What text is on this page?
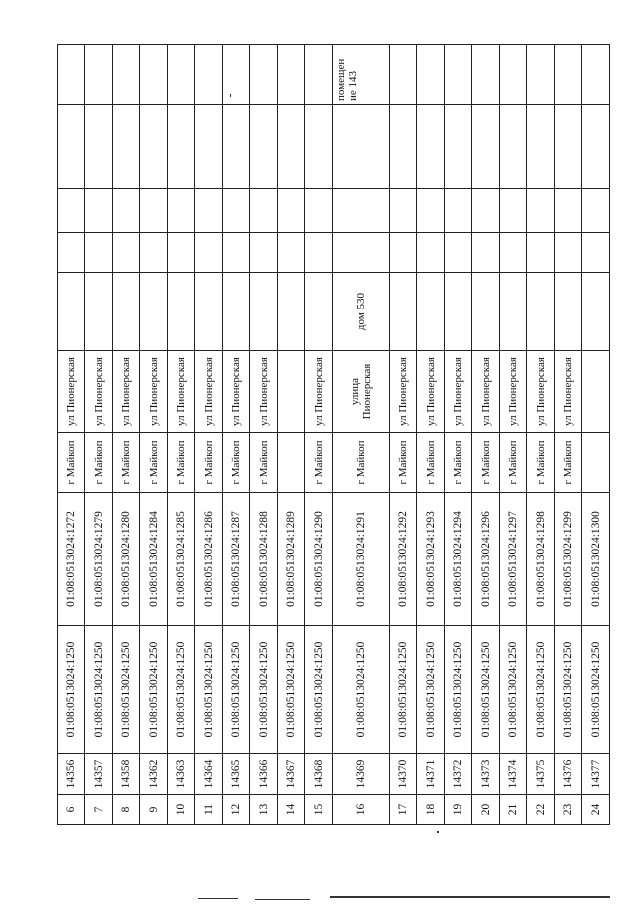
6	14356	01:08:0513024:1250	01:08:0513024:1272	г Майкоп	ул Пионерская					
7	14357	01:08:0513024:1250	01:08:0513024:1279	г Майкоп	ул Пионерская					
8	14358	01:08:0513024:1250	01:08:0513024:1280	г Майкоп	ул Пионерская					
9	14362	01:08:0513024:1250	01:08:0513024:1284	г Майкоп	ул Пионерская					
10	14363	01:08:0513024:1250	01:08:0513024:1285	г Майкоп	ул Пионерская					
11	14364	01:08:0513024:1250	01:08:0513024:1286	г Майкоп	ул Пионерская					
12	14365	01:08:0513024:1250	01:08:0513024:1287	г Майкоп	ул Пионерская					
13	14366	01:08:0513024:1250	01:08:0513024:1288	г Майкоп	ул Пионерская					
14	14367	01:08:0513024:1250	01:08:0513024:1289							
15	14368	01:08:0513024:1250	01:08:0513024:1290	г Майкоп	ул Пионерская					
16	14369	01:08:0513024:1250	01:08:0513024:1291	г Майкоп	улица Пионерская	дом 530				помещен ие 143
17	14370	01:08:0513024:1250	01:08:0513024:1292	г Майкоп	ул Пионерская					
18	14371	01:08:0513024:1250	01:08:0513024:1293	г Майкоп	ул Пионерская					
19	14372	01:08:0513024:1250	01:08:0513024:1294	г Майкоп	ул Пионерская					
20	14373	01:08:0513024:1250	01:08:0513024:1296	г Майкоп	ул Пионерская					
21	14374	01:08:0513024:1250	01:08:0513024:1297	г Майкоп	ул Пионерская					
22	14375	01:08:0513024:1250	01:08:0513024:1298	г Майкоп	ул Пионерская					
23	14376	01:08:0513024:1250	01:08:0513024:1299	г Майкоп	ул Пионерская					
24	14377	01:08:0513024:1250	01:08:0513024:1300							
